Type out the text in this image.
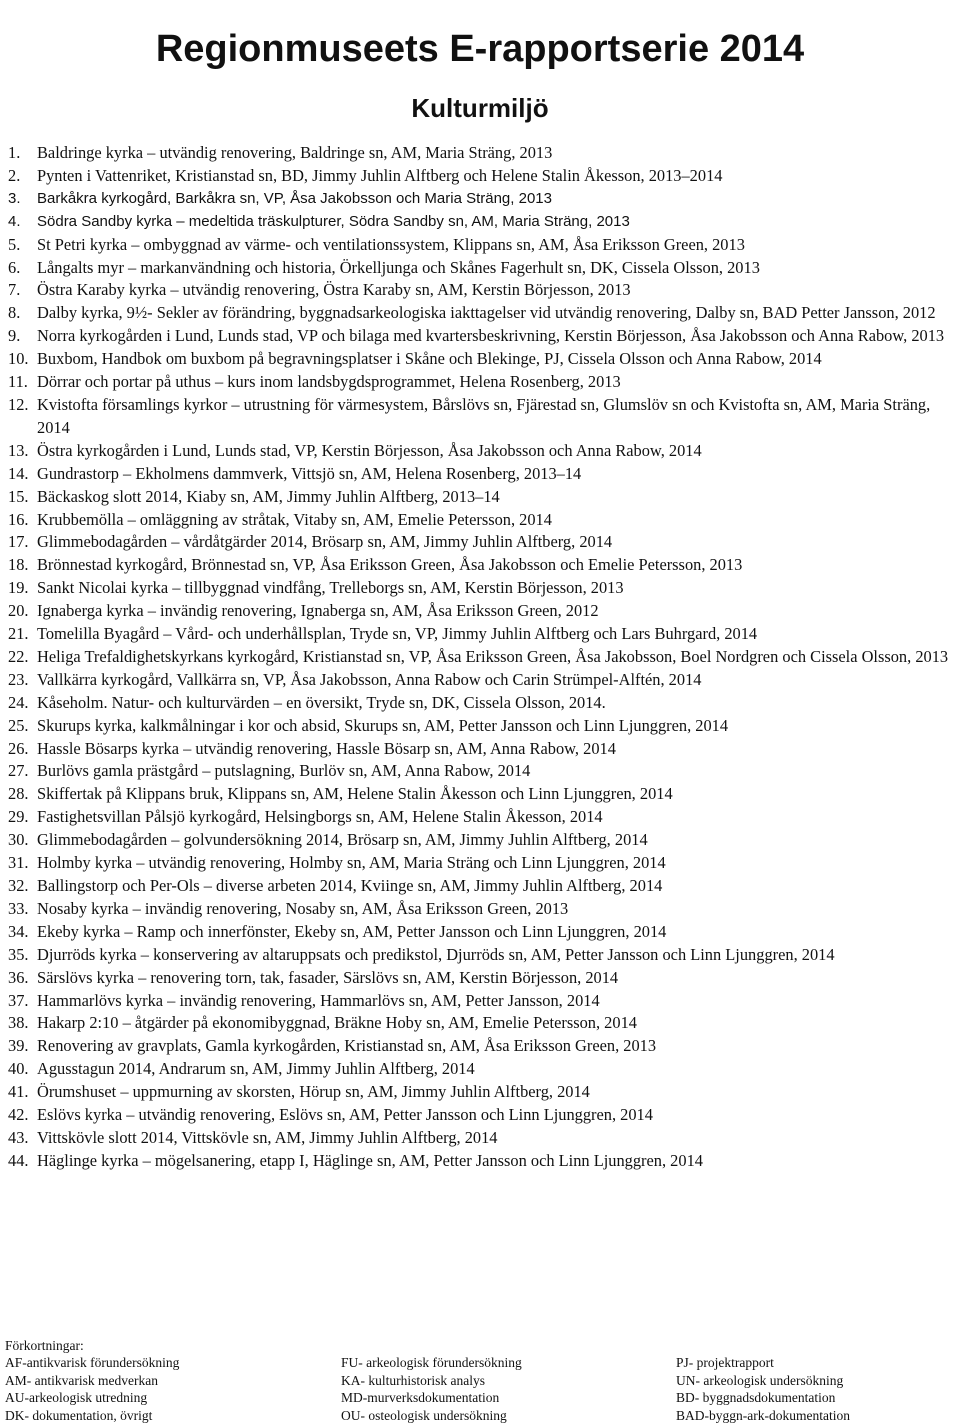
Regionmuseets E-rapportserie 2014
Kulturmiljö
1. Baldringe kyrka – utvändig renovering, Baldringe sn, AM, Maria Sträng, 2013
2. Pynten i Vattenriket, Kristianstad sn, BD, Jimmy Juhlin Alftberg och Helene Stalin Åkesson, 2013–2014
3. Barkåkra kyrkogård, Barkåkra sn, VP, Åsa Jakobsson och Maria Sträng, 2013
4. Södra Sandby kyrka – medeltida träskulpturer, Södra Sandby sn, AM, Maria Sträng, 2013
5. St Petri kyrka – ombyggnad av värme- och ventilationssystem, Klippans sn, AM, Åsa Eriksson Green, 2013
6. Långalts myr – markanvändning och historia, Örkelljunga och Skånes Fagerhult sn, DK, Cissela Olsson, 2013
7. Östra Karaby kyrka – utvändig renovering, Östra Karaby sn, AM, Kerstin Börjesson, 2013
8. Dalby kyrka, 9½- Sekler av förändring, byggnadsarkeologiska iakttagelser vid utvändig renovering, Dalby sn, BAD Petter Jansson, 2012
9. Norra kyrkogården i Lund, Lunds stad, VP och bilaga med kvartersbeskrivning, Kerstin Börjesson, Åsa Jakobsson och Anna Rabow, 2013
10. Buxbom, Handbok om buxbom på begravningsplatser i Skåne och Blekinge, PJ, Cissela Olsson och Anna Rabow, 2014
11. Dörrar och portar på uthus – kurs inom landsbygdsprogrammet, Helena Rosenberg, 2013
12. Kvistofta församlings kyrkor – utrustning för värmesystem, Bårslövs sn, Fjärestad sn, Glumslöv sn och Kvistofta sn, AM, Maria Sträng, 2014
13. Östra kyrkogården i Lund, Lunds stad, VP, Kerstin Börjesson, Åsa Jakobsson och Anna Rabow, 2014
14. Gundrastorp – Ekholmens dammverk, Vittsjö sn, AM, Helena Rosenberg, 2013–14
15. Bäckaskog slott 2014, Kiaby sn, AM, Jimmy Juhlin Alftberg, 2013–14
16. Krubbemölla – omläggning av stråtak, Vitaby sn, AM, Emelie Petersson, 2014
17. Glimmebodagården – vårdåtgärder 2014, Brösarp sn, AM, Jimmy Juhlin Alftberg, 2014
18. Brönnestad kyrkogård, Brönnestad sn, VP, Åsa Eriksson Green, Åsa Jakobsson och Emelie Petersson, 2013
19. Sankt Nicolai kyrka – tillbyggnad vindfång, Trelleborgs sn, AM, Kerstin Börjesson, 2013
20. Ignaberga kyrka – invändig renovering, Ignaberga sn, AM, Åsa Eriksson Green, 2012
21. Tomelilla Byagård – Vård- och underhållsplan, Tryde sn, VP, Jimmy Juhlin Alftberg och Lars Buhrgard, 2014
22. Heliga Trefaldighetskyrkans kyrkogård, Kristianstad sn, VP, Åsa Eriksson Green, Åsa Jakobsson, Boel Nordgren och Cissela Olsson, 2013
23. Vallkärra kyrkogård, Vallkärra sn, VP, Åsa Jakobsson, Anna Rabow och Carin Strümpel-Alftén, 2014
24. Kåseholm. Natur- och kulturvärden – en översikt, Tryde sn, DK, Cissela Olsson, 2014.
25. Skurups kyrka, kalkmålningar i kor och absid, Skurups sn, AM, Petter Jansson och Linn Ljunggren, 2014
26. Hassle Bösarps kyrka – utvändig renovering, Hassle Bösarp sn, AM, Anna Rabow, 2014
27. Burlövs gamla prästgård – putslagning, Burlöv sn, AM, Anna Rabow, 2014
28. Skiffertak på Klippans bruk, Klippans sn, AM, Helene Stalin Åkesson och Linn Ljunggren, 2014
29. Fastighetsvillan Pålsjö kyrkogård, Helsingborgs sn, AM, Helene Stalin Åkesson, 2014
30. Glimmebodagården – golvundersökning 2014, Brösarp sn, AM, Jimmy Juhlin Alftberg, 2014
31. Holmby kyrka – utvändig renovering, Holmby sn, AM, Maria Sträng och Linn Ljunggren, 2014
32. Ballingstorp och Per-Ols – diverse arbeten 2014, Kviinge sn, AM, Jimmy Juhlin Alftberg, 2014
33. Nosaby kyrka – invändig renovering, Nosaby sn, AM, Åsa Eriksson Green, 2013
34. Ekeby kyrka – Ramp och innerfönster, Ekeby sn, AM, Petter Jansson och Linn Ljunggren, 2014
35. Djurröds kyrka – konservering av altaruppsats och predikstol, Djurröds sn, AM, Petter Jansson och Linn Ljunggren, 2014
36. Särslövs kyrka – renovering torn, tak, fasader, Särslövs sn, AM, Kerstin Börjesson, 2014
37. Hammarlövs kyrka – invändig renovering, Hammarlövs sn, AM, Petter Jansson, 2014
38. Hakarp 2:10 – åtgärder på ekonomibyggnad, Bräkne Hoby sn, AM, Emelie Petersson, 2014
39. Renovering av gravplats, Gamla kyrkogården, Kristianstad sn, AM, Åsa Eriksson Green, 2013
40. Agusstagun 2014, Andrarum sn, AM, Jimmy Juhlin Alftberg, 2014
41. Örumshuset – uppmurning av skorsten, Hörup sn, AM, Jimmy Juhlin Alftberg, 2014
42. Eslövs kyrka – utvändig renovering, Eslövs sn, AM, Petter Jansson och Linn Ljunggren, 2014
43. Vittskövle slott 2014, Vittskövle sn, AM, Jimmy Juhlin Alftberg, 2014
44. Häglinge kyrka – mögelsanering, etapp I, Häglinge sn, AM, Petter Jansson och Linn Ljunggren, 2014
Förkortningar:
AF-antikvarisk förundersökning	FU- arkeologisk förundersökning	PJ- projektrapport
AM- antikvarisk medverkan	KA- kulturhistorisk analys	UN- arkeologisk undersökning
AU-arkeologisk utredning	MD-murverksdokumentation	BD- byggnadsdokumentation
DK- dokumentation, övrigt	OU- osteologisk undersökning	BAD-byggn-ark-dokumentation
